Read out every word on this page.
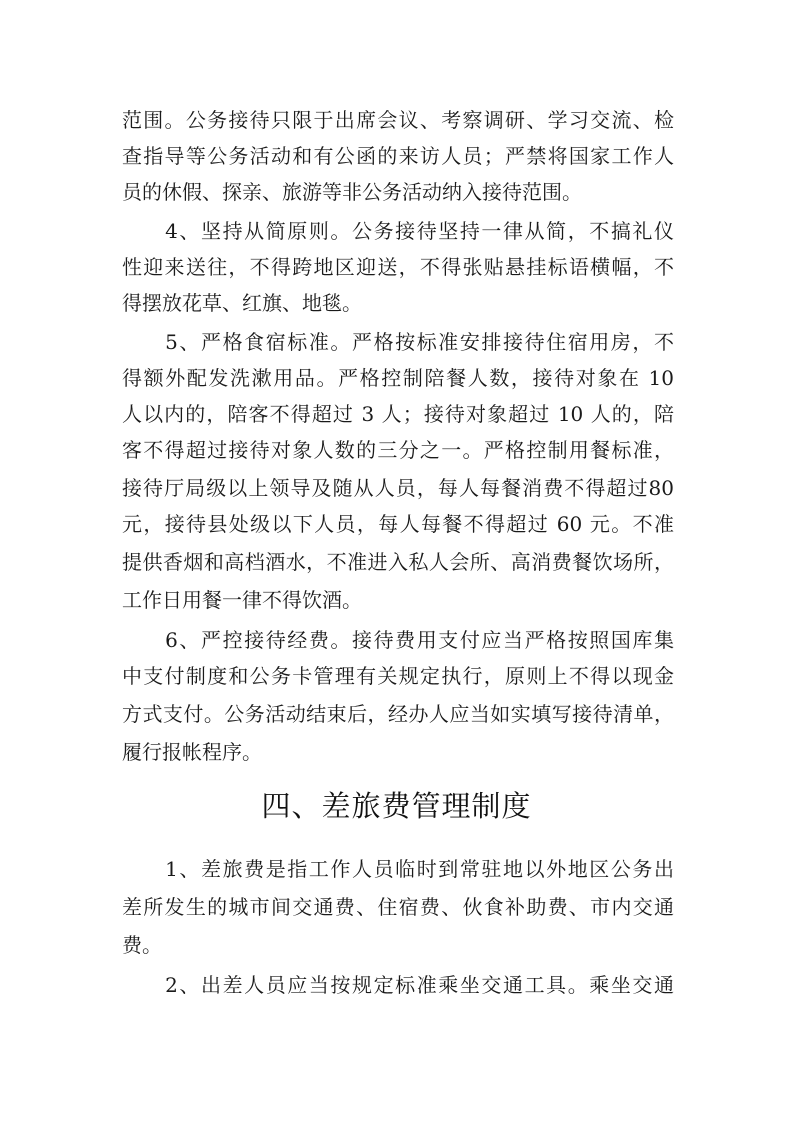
范围。公务接待只限于出席会议、考察调研、学习交流、检
查指导等公务活动和有公函的来访人员；严禁将国家工作人
员的休假、探亲、旅游等非公务活动纳入接待范围。
　　4、坚持从简原则。公务接待坚持一律从简，不搞礼仪
性迎来送往，不得跨地区迎送，不得张贴悬挂标语横幅，不
得摆放花草、红旗、地毯。
　　5、严格食宿标准。严格按标准安排接待住宿用房，不
得额外配发洗漱用品。严格控制陪餐人数，接待对象在 10
人以内的，陪客不得超过 3 人；接待对象超过 10 人的，陪
客不得超过接待对象人数的三分之一。严格控制用餐标准，
接待厅局级以上领导及随从人员，每人每餐消费不得超过80
元，接待县处级以下人员，每人每餐不得超过 60 元。不准
提供香烟和高档酒水，不准进入私人会所、高消费餐饮场所，
工作日用餐一律不得饮酒。
　　6、严控接待经费。接待费用支付应当严格按照国库集
中支付制度和公务卡管理有关规定执行，原则上不得以现金
方式支付。公务活动结束后，经办人应当如实填写接待清单，
履行报帐程序。
四、差旅费管理制度
　　1、差旅费是指工作人员临时到常驻地以外地区公务出
差所发生的城市间交通费、住宿费、伙食补助费、市内交通
费。
　　2、出差人员应当按规定标准乘坐交通工具。乘坐交通
